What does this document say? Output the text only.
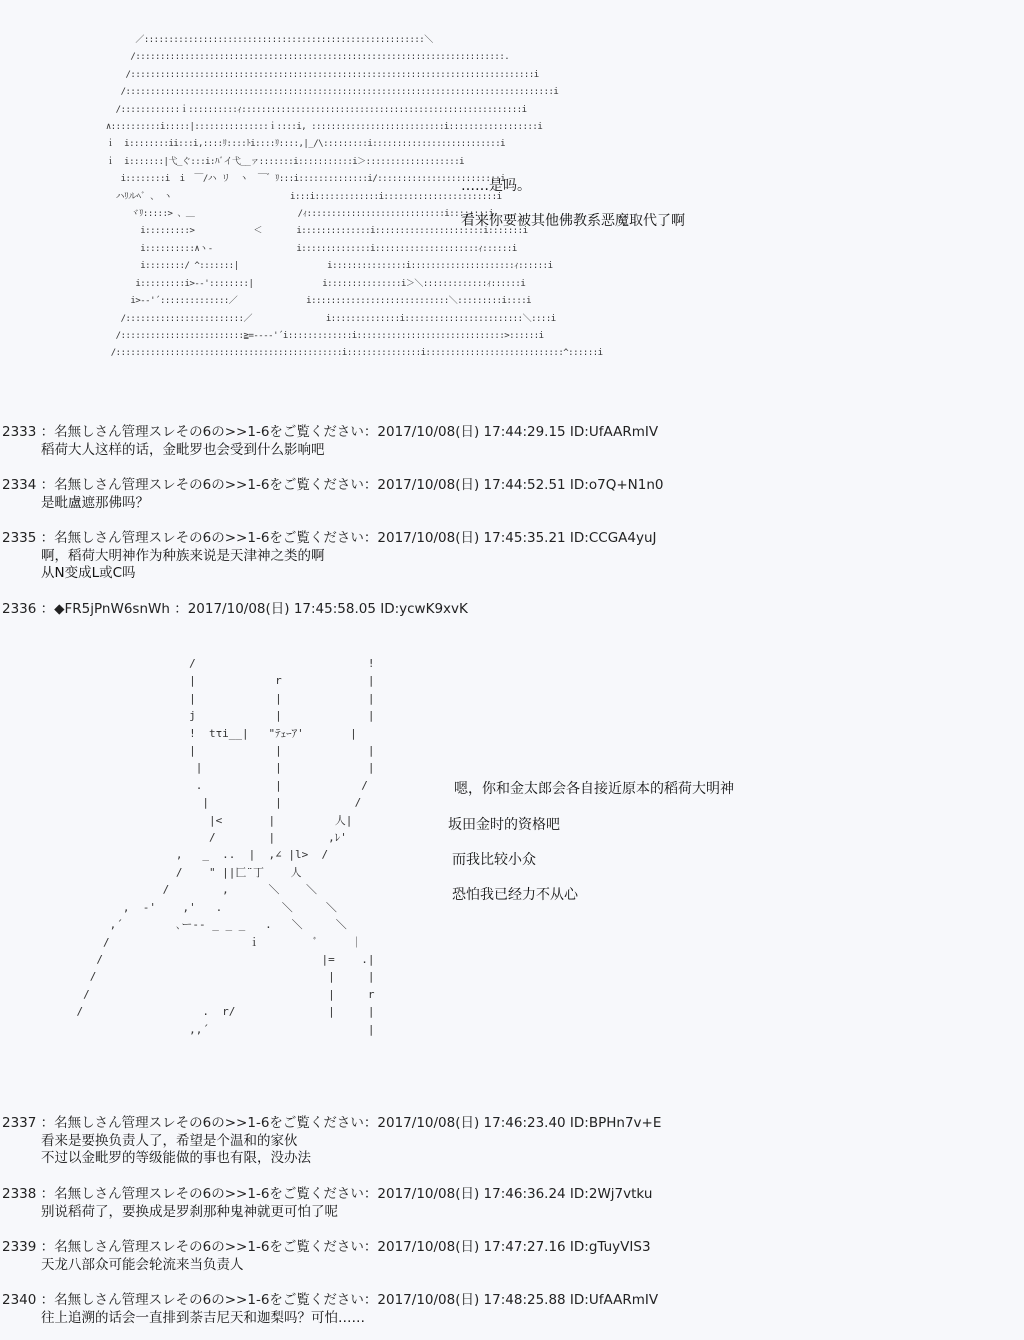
／:::::::::::::::::::::::::::::::::::::::::::::::::::::::::＼
/:::::::::::::::::::::::::::::::::::::::::::::::::::::::::::::::::::::::::::.
/::::::::::::::::::::::::::::::::::::::::::::::::::::::::::::::::::::::::::::::::::i
/:::::::::::::::::::::::::::::::::::::::::::::::::::::::::::::::::::::::::::::::::::::::i
/::::::::::::ｉ::::::::::ｨ:::::::::::::::::::::::::::::::::::::::::::::::::::::::::i
∧::::::::::i:::::|:::::::::::::::ｉ::::i, :::::::::::::::::::::::::::i::::::::::::::::::i
ｉ  i::::::::ii:::i,::::ﾘ::::ﾄi::::ﾘ::::,|_/\:::::::::i::::::::::::::::::::::::::i
ｉ  i:::::::|弋_ぐ:::i:ﾊﾞイ弋__ァ:::::::i:::::::::::i＞:::::::::::::::::::i
i::::::::i  i  ￣/ハ リ  ヽ  ￣゛ﾘ:::i::::::::::::::i/:::::::::::::::::::::::::i
ハﾘルﾍﾞ 、 ヽ                        i:::i:::::::::::::i:::::::::::::::::::::::i
ヾﾘ:::::> 、＿                     /ｨ::::::::::::::::::::::::::::i::::::::i
i:::::::::>            ＜       i::::::::::::::i::::::::::::::::::::::i:::::::i
i::::::::::∧ヽ-                 i::::::::::::::i:::::::::::::::::::::ｨ::::::i
i::::::::/ ^:::::::|                  i:::::::::::::::i:::::::::::::::::::::ｨ::::::i
i:::::::::i>--'::::::::|              i:::::::::::::::i＞＼:::::::::::::ｨ::::::i
i>--'´::::::::::::::／              i::::::::::::::::::::::::::::＼:::::::::i::::i
/::::::::::::::::::::::::／               i::::::::::::::i::::::::::::::::::::::::＼::::i
/:::::::::::::::::::::::::≧=----'´i:::::::::::::i::::::::::::::::::::::::::::::>::::::i
/::::::::::::::::::::::::::::::::::::::::::::::i:::::::::::::::i::::::::::::::::::::::::::::^::::::i
……是吗。
看来你要被其他佛教系恶魔取代了啊
2333 ：名無しさん管理スレその6の>>1-6をご覧ください：2017/10/08(日) 17:44:29.15 ID:UfAARmIV
稻荷大人这样的话，金毗罗也会受到什么影响吧
2334 ：名無しさん管理スレその6の>>1-6をご覧ください：2017/10/08(日) 17:44:52.51 ID:o7Q+N1n0
是毗盧遮那佛吗？
2335 ：名無しさん管理スレその6の>>1-6をご覧ください：2017/10/08(日) 17:45:35.21 ID:CCGA4yuJ
啊，稻荷大明神作为种族来说是天津神之类的啊
从N变成L或C吗
2336 ：◆FR5jPnW6snWh ：2017/10/08(日) 17:45:58.05 ID:ycwK9xvK
/                          !
|            r             |
|            |             |
j            |             |
!  tτi__|   "ﾃｪｰｱ'       |
|            |             |
|           |             |
.           |            /
|          |           /
|<       |         人|
/        |        ,ﾚ'
,   _  ..  |  ,∠ |l>  /
/    " ||匚¨丁    人
/        ,      ＼    ＼
,  -'    ,'   .         ＼     ＼
,´        ､ー-- _ _ _   .   ＼     ＼
/                     ｉ        ﾞ     ｜
/                                 |=    .|
/                                   |     |
/                                    |     r
/                  .  r/              |     |
,,´                        |
嗯，你和金太郎会各自接近原本的稻荷大明神
坂田金时的资格吧
而我比较小众
恐怕我已经力不从心
2337 ：名無しさん管理スレその6の>>1-6をご覧ください：2017/10/08(日) 17:46:23.40 ID:BPHn7v+E
看来是要换负责人了，希望是个温和的家伙
不过以金毗罗的等级能做的事也有限，没办法
2338 ：名無しさん管理スレその6の>>1-6をご覧ください：2017/10/08(日) 17:46:36.24 ID:2Wj7vtku
别说稻荷了，要换成是罗刹那种鬼神就更可怕了呢
2339 ：名無しさん管理スレその6の>>1-6をご覧ください：2017/10/08(日) 17:47:27.16 ID:gTuyVIS3
天龙八部众可能会轮流来当负责人
2340 ：名無しさん管理スレその6の>>1-6をご覧ください：2017/10/08(日) 17:48:25.88 ID:UfAARmIV
往上追溯的话会一直排到荼吉尼天和迦梨吗？可怕……
